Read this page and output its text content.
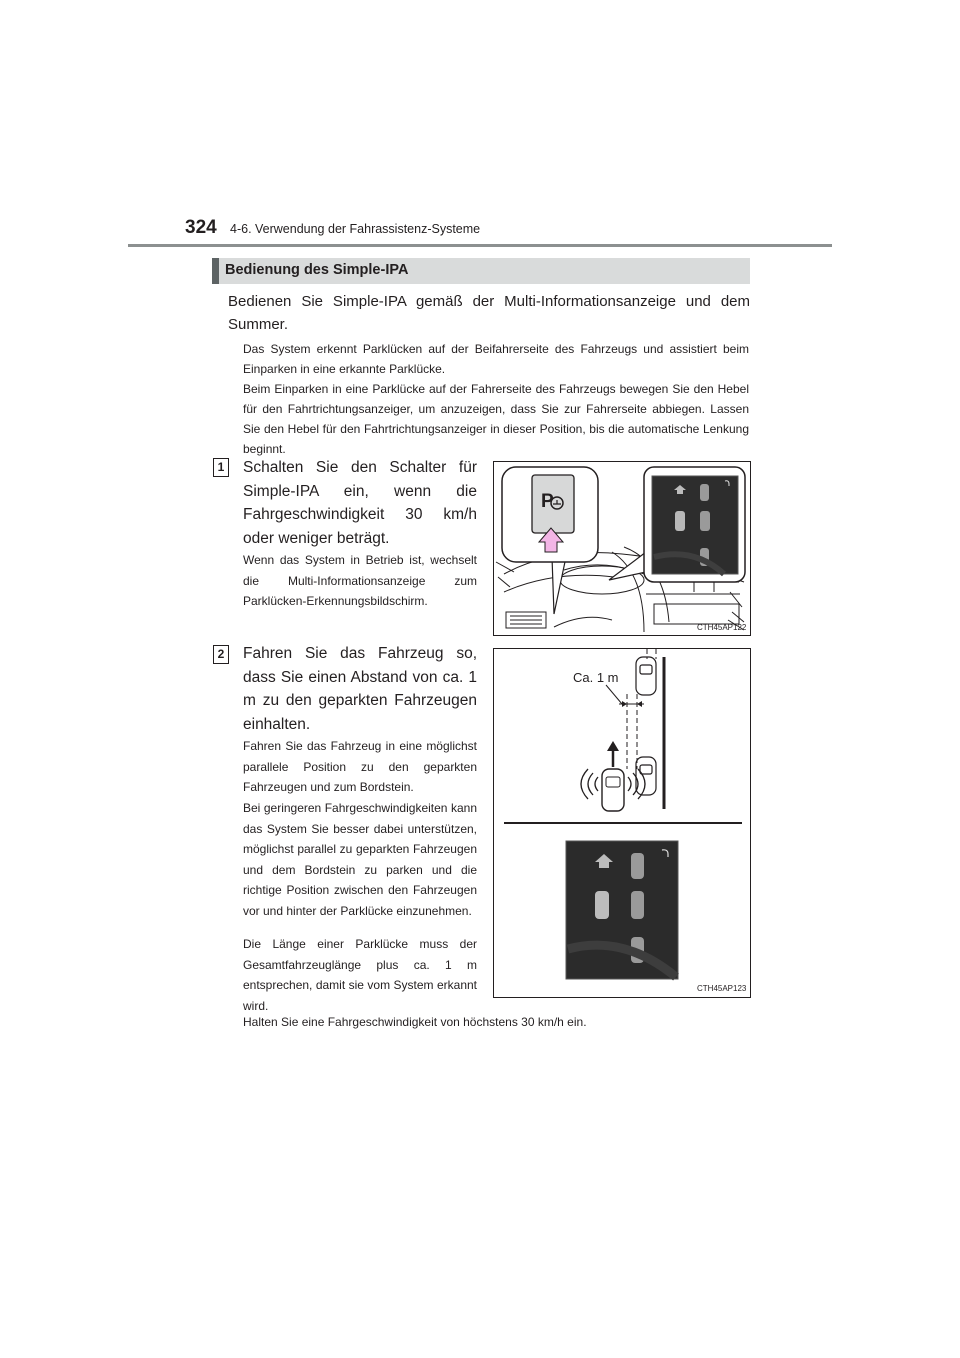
324 4-6. Verwendung der Fahrassistenz-Systeme
Bedienung des Simple-IPA
Bedienen Sie Simple-IPA gemäß der Multi-Informationsanzeige und dem Summer.
Das System erkennt Parklücken auf der Beifahrerseite des Fahrzeugs und assistiert beim Einparken in eine erkannte Parklücke.
Beim Einparken in eine Parklücke auf der Fahrerseite des Fahrzeugs bewegen Sie den Hebel für den Fahrtrichtungsanzeiger, um anzuzeigen, dass Sie zur Fahrerseite abbiegen. Lassen Sie den Hebel für den Fahrtrichtungsanzeiger in dieser Position, bis die automatische Lenkung beginnt.
1	Schalten Sie den Schalter für Simple-IPA ein, wenn die Fahrgeschwindigkeit 30 km/h oder weniger beträgt.
Wenn das System in Betrieb ist, wechselt die Multi-Informationsanzeige zum Parklücken-Erkennungsbildschirm.
P
CTH45AP122
2	Fahren Sie das Fahrzeug so, dass Sie einen Abstand von ca. 1 m zu den geparkten Fahrzeugen einhalten.
Fahren Sie das Fahrzeug in eine möglichst parallele Position zu den geparkten Fahrzeugen und zum Bordstein.
Bei geringeren Fahrgeschwindigkeiten kann das System Sie besser dabei unterstützen, möglichst parallel zu geparkten Fahrzeugen und dem Bordstein zu parken und die richtige Position zwischen den Fahrzeugen vor und hinter der Parklücke einzunehmen.
Die Länge einer Parklücke muss der Gesamtfahrzeuglänge plus ca. 1 m entsprechen, damit sie vom System erkannt wird.
Ca. 1 m
CTH45AP123
Halten Sie eine Fahrgeschwindigkeit von höchstens 30 km/h ein.
